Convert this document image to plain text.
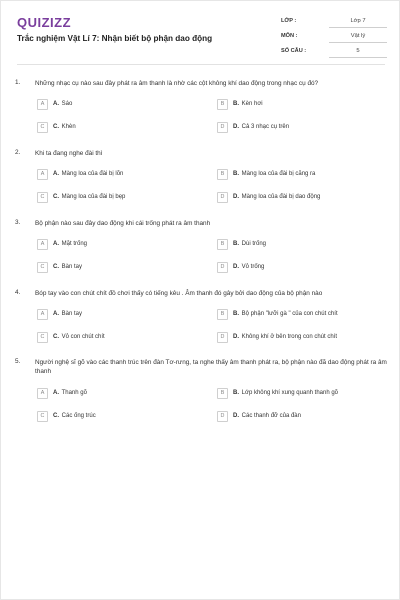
QUIZIZZ
Trắc nghiệm Vật Lí 7: Nhận biết bộ phận dao động
LỚP :	Lớp 7
MÔN :	Vật lý
SỐ CÂU :	5
1. Những nhạc cụ nào sau đây phát ra âm thanh là nhờ các cột không khí dao động trong nhạc cụ đó?
A	A. Sáo	B	B. Kèn hơi
C	C. Khèn	D	D. Cả 3 nhạc cụ trên
2. Khi ta đang nghe đài thì
A	A. Màng loa của đài bị lõn	B	B. Màng loa của đài bị căng ra
C	C. Màng loa của đài bị bẹp	D	D. Màng loa của đài bị dao động
3. Bộ phận nào sau đây dao động khi cái trống phát ra âm thanh
A	A. Mặt trống	B	B. Dùi trống
C	C. Bàn tay	D	D. Vỏ trống
4. Bóp tay vào con chút chít đồ chơi thấy có tiếng kêu . Âm thanh đó gây bởi dao động của bộ phận nào
A	A. Bàn tay	B	B. Bộ phận "lưỡi gà " của con chút chít
C	C. Vỏ con chút chít	D	D. Không khí ở bên trong con chút chít
5. Người nghệ sĩ gõ vào các thanh trúc trên đàn Tơ-rưng, ta nghe thấy âm thanh phát ra, bộ phận nào đã dao động phát ra âm thanh
A	A. Thanh gõ	B	B. Lớp không khí xung quanh thanh gõ
C	C. Các ống trúc	D	D. Các thanh đỡ của đàn
